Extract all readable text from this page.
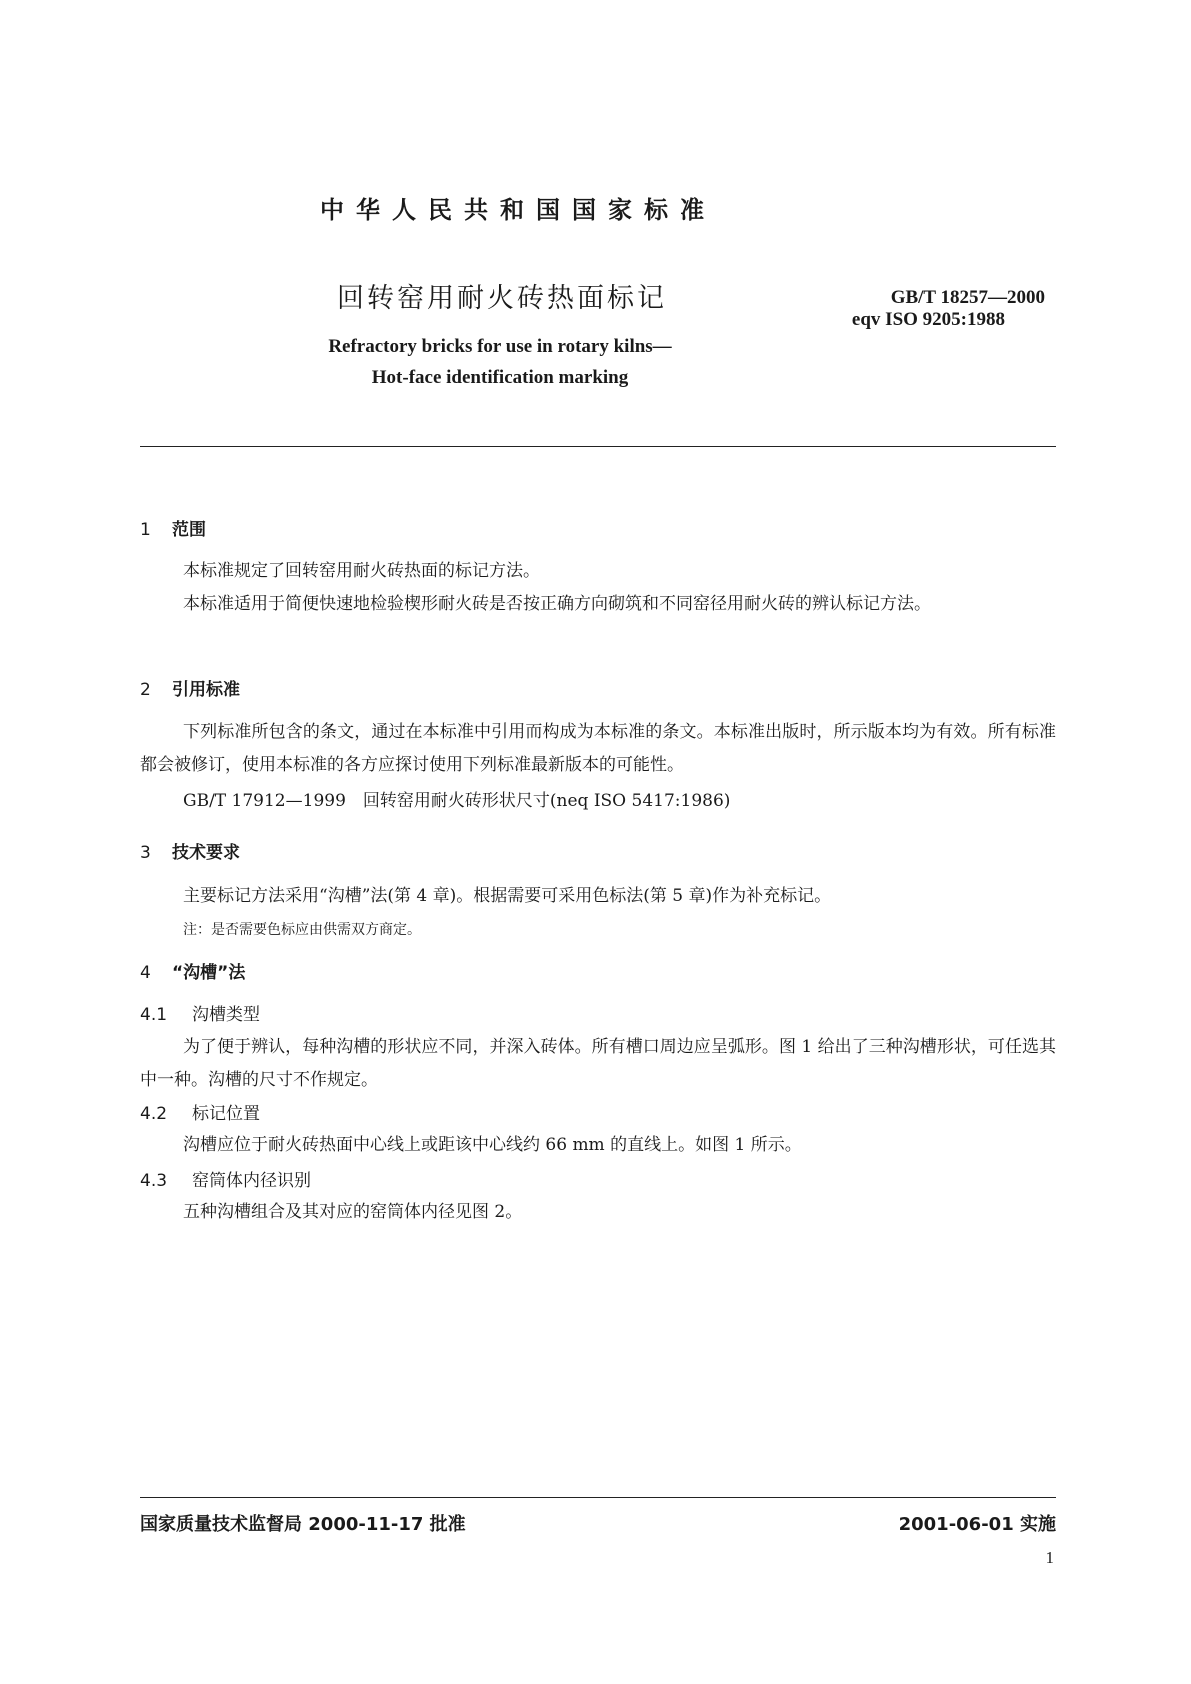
中华人民共和国国家标准
回转窑用耐火砖热面标记	GB/T 18257—2000
eqv ISO 9205:1988
Refractory bricks for use in rotary kilns—
Hot-face identification marking
1 范围

本标准规定了回转窑用耐火砖热面的标记方法。

本标准适用于简便快速地检验楔形耐火砖是否按正确方向砌筑和不同窑径用耐火砖的辨认标记方法。

2 引用标准

下列标准所包含的条文，通过在本标准中引用而构成为本标准的条文。本标准出版时，所示版本均为有效。所有标准都会被修订，使用本标准的各方应探讨使用下列标准最新版本的可能性。

GB/T 17912—1999　回转窑用耐火砖形状尺寸(neq ISO 5417:1986)
3 技术要求

主要标记方法采用“沟槽”法(第 4 章)。根据需要可采用色标法(第 5 章)作为补充标记。

注：是否需要色标应由供需双方商定。
4 “沟槽”法
4.1 沟槽类型

为了便于辨认，每种沟槽的形状应不同，并深入砖体。所有槽口周边应呈弧形。图 1 给出了三种沟槽形状，可任选其中一种。沟槽的尺寸不作规定。

4.2 标记位置

沟槽应位于耐火砖热面中心线上或距该中心线约 66 mm 的直线上。如图 1 所示。

4.3 窑筒体内径识别

五种沟槽组合及其对应的窑筒体内径见图 2。

国家质量技术监督局 2000-11-17 批准	2001-06-01 实施
1
